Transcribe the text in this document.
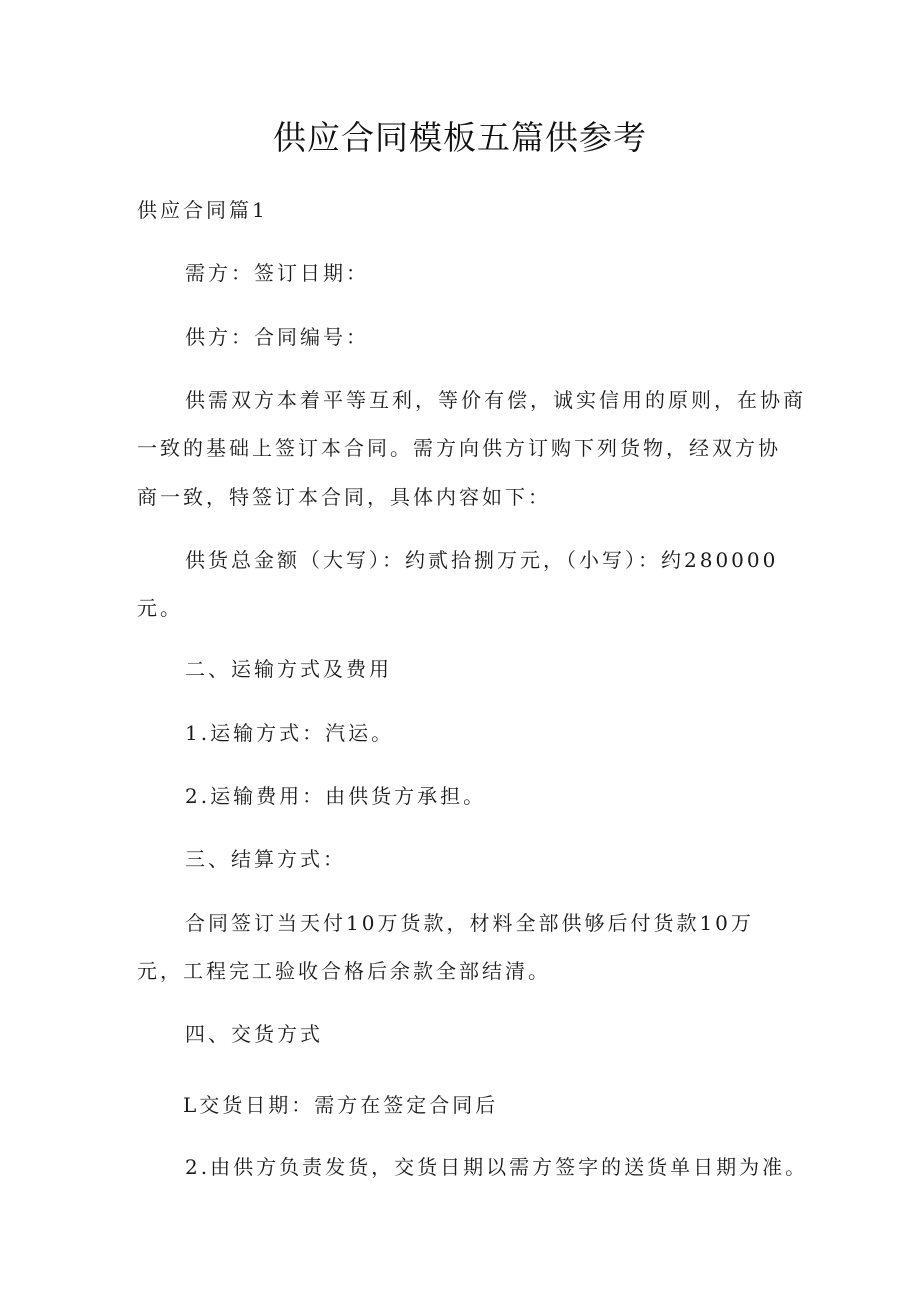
供应合同模板五篇供参考

供应合同篇1

需方：签订日期：

供方：合同编号：

供需双方本着平等互利，等价有偿，诚实信用的原则，在协商

一致的基础上签订本合同。需方向供方订购下列货物，经双方协

商一致，特签订本合同，具体内容如下：

供货总金额（大写）：约贰拾捌万元，（小写）：约280000

元。

二、运输方式及费用

1.运输方式：汽运。

2.运输费用：由供货方承担。

三、结算方式：

合同签订当天付10万货款，材料全部供够后付货款10万

元，工程完工验收合格后余款全部结清。

四、交货方式

L交货日期：需方在签定合同后

2.由供方负责发货，交货日期以需方签字的送货单日期为准。
